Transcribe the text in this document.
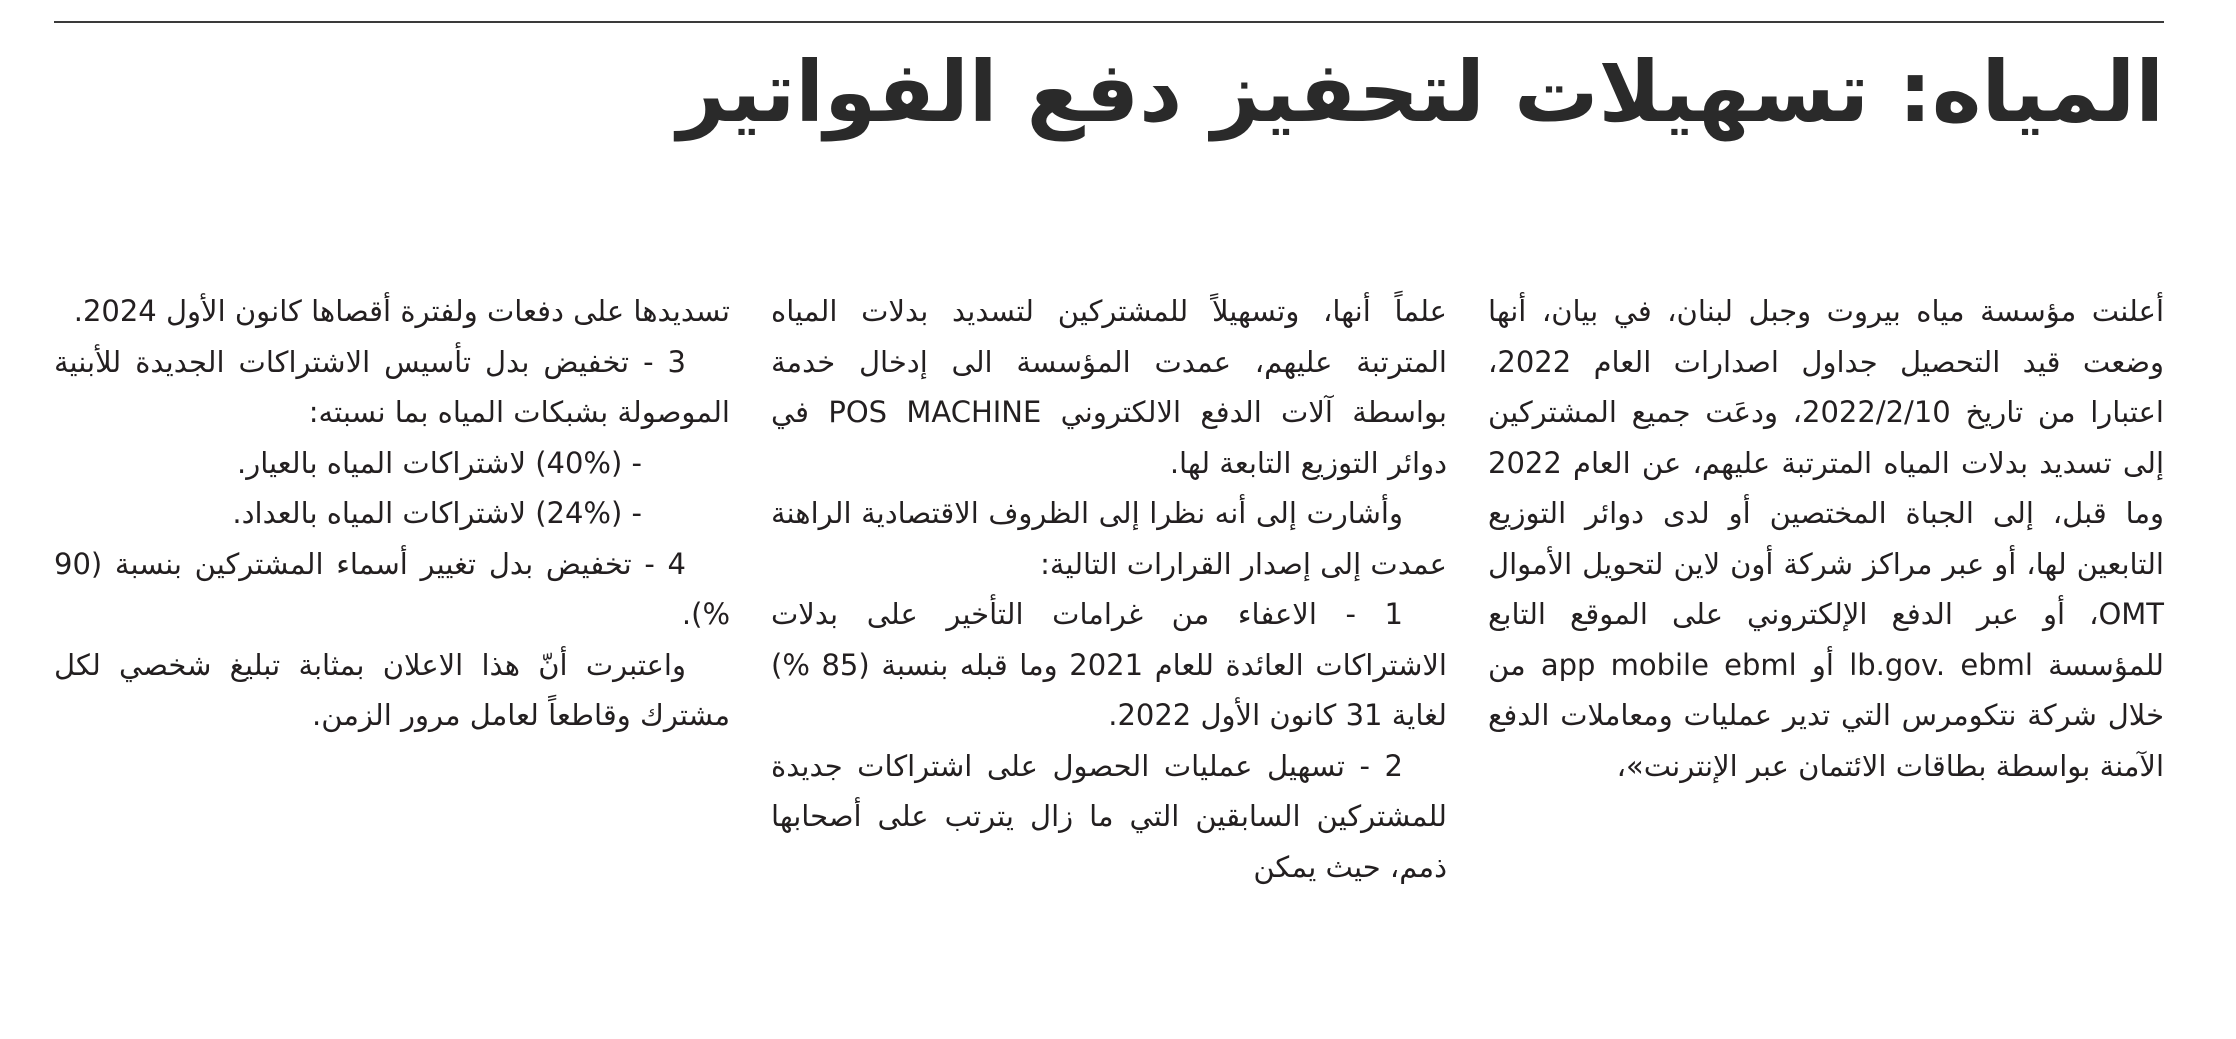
المياه: تسهيلات لتحفيز دفع الفواتير

أعلنت مؤسسة مياه بيروت وجبل لبنان، في بيان، أنها وضعت قيد التحصيل جداول اصدارات العام 2022، اعتبارا من تاريخ 2022/2/10، ودعَت جميع المشتركين إلى تسديد بدلات المياه المترتبة عليهم، عن العام 2022 وما قبل، إلى الجباة المختصين أو لدى دوائر التوزيع التابعين لها، أو عبر مراكز شركة أون لاين لتحويل الأموال OMT، أو عبر الدفع الإلكتروني على الموقع التابع للمؤسسة lb.gov. ebml أو app mobile ebml من خلال شركة نتكومرس التي تدير عمليات ومعاملات الدفع الآمنة بواسطة بطاقات الائتمان عبر الإنترنت»،

علماً أنها، وتسهيلاً للمشتركين لتسديد بدلات المياه المترتبة عليهم، عمدت المؤسسة الى إدخال خدمة بواسطة آلات الدفع الالكتروني POS MACHINE في دوائر التوزيع التابعة لها.

وأشارت إلى أنه نظرا إلى الظروف الاقتصادية الراهنة عمدت إلى إصدار القرارات التالية:

1 - الاعفاء من غرامات التأخير على بدلات الاشتراكات العائدة للعام 2021 وما قبله بنسبة (85 %) لغاية 31 كانون الأول 2022.

2 - تسهيل عمليات الحصول على اشتراكات جديدة للمشتركين السابقين التي ما زال يترتب على أصحابها ذمم، حيث يمكن

تسديدها على دفعات ولفترة أقصاها كانون الأول 2024.

3 - تخفيض بدل تأسيس الاشتراكات الجديدة للأبنية الموصولة بشبكات المياه بما نسبته:

- (40%) لاشتراكات المياه بالعيار.

- (24%) لاشتراكات المياه بالعداد.

4 - تخفيض بدل تغيير أسماء المشتركين بنسبة (90 %).

واعتبرت أنّ هذا الاعلان بمثابة تبليغ شخصي لكل مشترك وقاطعاً لعامل مرور الزمن.
